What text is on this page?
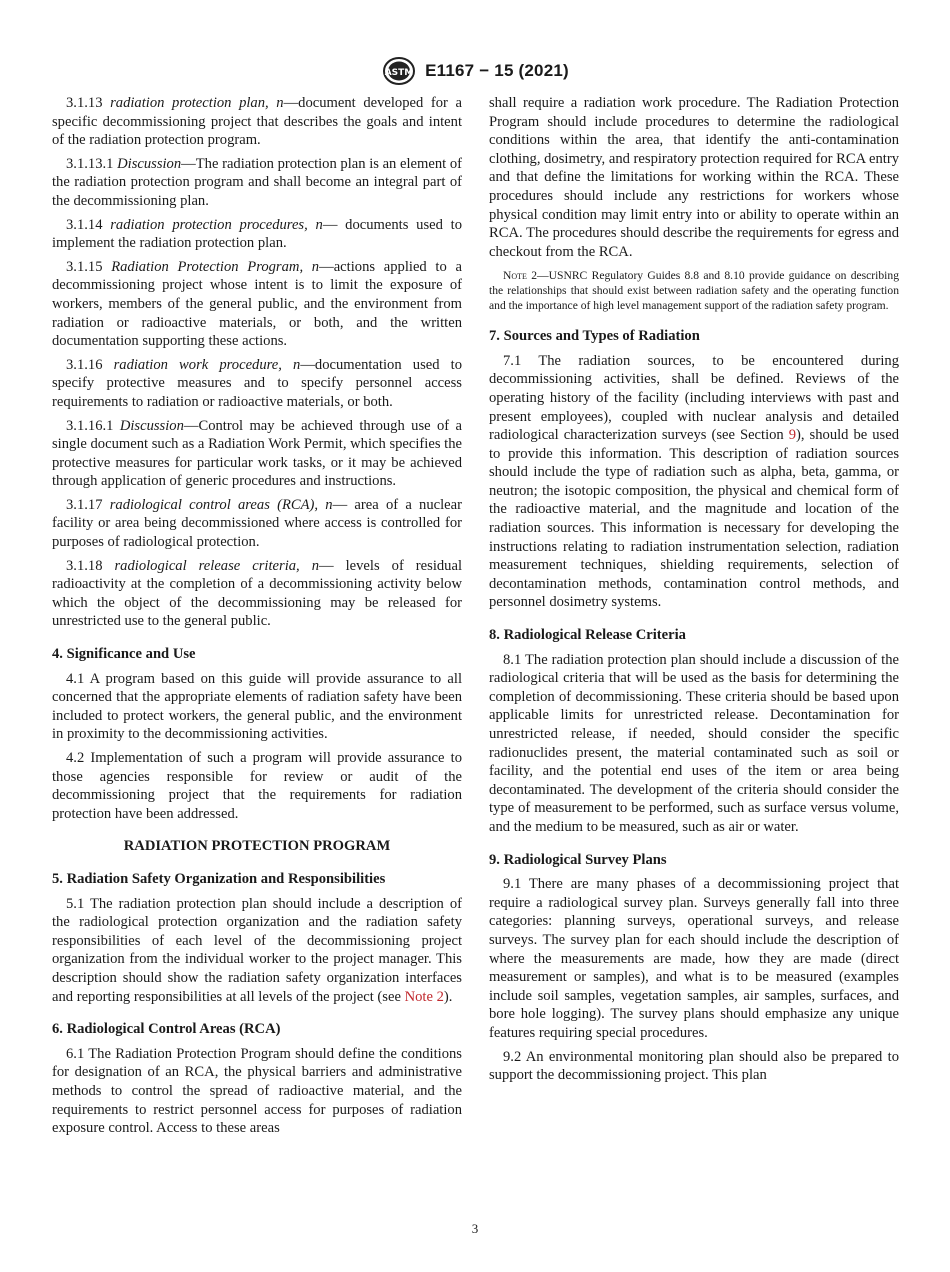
ASTM E1167 − 15 (2021)

3.1.13 radiation protection plan, n—document developed for a specific decommissioning project that describes the goals and intent of the radiation protection program.

3.1.13.1 Discussion—The radiation protection plan is an element of the radiation protection program and shall become an integral part of the decommissioning plan.

3.1.14 radiation protection procedures, n— documents used to implement the radiation protection plan.

3.1.15 Radiation Protection Program, n—actions applied to a decommissioning project whose intent is to limit the exposure of workers, members of the general public, and the environment from radiation or radioactive materials, or both, and the written documentation supporting these actions.

3.1.16 radiation work procedure, n—documentation used to specify protective measures and to specify personnel access requirements to radiation or radioactive materials, or both.

3.1.16.1 Discussion—Control may be achieved through use of a single document such as a Radiation Work Permit, which specifies the protective measures for particular work tasks, or it may be achieved through application of generic procedures and instructions.

3.1.17 radiological control areas (RCA), n— area of a nuclear facility or area being decommissioned where access is controlled for purposes of radiological protection.

3.1.18 radiological release criteria, n— levels of residual radioactivity at the completion of a decommissioning activity below which the object of the decommissioning may be released for unrestricted use to the general public.

4. Significance and Use

4.1 A program based on this guide will provide assurance to all concerned that the appropriate elements of radiation safety have been included to protect workers, the general public, and the environment in proximity to the decommissioning activities.

4.2 Implementation of such a program will provide assurance to those agencies responsible for review or audit of the decommissioning project that the requirements for radiation protection have been addressed.

RADIATION PROTECTION PROGRAM
5. Radiation Safety Organization and Responsibilities

5.1 The radiation protection plan should include a description of the radiological protection organization and the radiation safety responsibilities of each level of the decommissioning project organization from the individual worker to the project manager. This description should show the radiation safety organization interfaces and reporting responsibilities at all levels of the project (see Note 2).

6. Radiological Control Areas (RCA)

6.1 The Radiation Protection Program should define the conditions for designation of an RCA, the physical barriers and administrative methods to control the spread of radioactive material, and the requirements to restrict personnel access for purposes of radiation exposure control. Access to these areas

shall require a radiation work procedure. The Radiation Protection Program should include procedures to determine the radiological conditions within the area, that identify the anti-contamination clothing, dosimetry, and respiratory protection required for RCA entry and that define the limitations for working within the RCA. These procedures should include any restrictions for workers whose physical condition may limit entry into or ability to operate within an RCA. The procedures should describe the requirements for egress and checkout from the RCA.

Note 2—USNRC Regulatory Guides 8.8 and 8.10 provide guidance on describing the relationships that should exist between radiation safety and the operating function and the importance of high level management support of the radiation safety program.

7. Sources and Types of Radiation

7.1 The radiation sources, to be encountered during decommissioning activities, shall be defined. Reviews of the operating history of the facility (including interviews with past and present employees), coupled with nuclear analysis and detailed radiological characterization surveys (see Section 9), should be used to provide this information. This description of radiation sources should include the type of radiation such as alpha, beta, gamma, or neutron; the isotopic composition, the physical and chemical form of the radioactive material, and the magnitude and location of the radiation sources. This information is necessary for developing the instructions relating to radiation instrumentation selection, radiation measurement techniques, shielding requirements, selection of decontamination methods, contamination control methods, and personnel dosimetry systems.

8. Radiological Release Criteria

8.1 The radiation protection plan should include a discussion of the radiological criteria that will be used as the basis for determining the completion of decommissioning. These criteria should be based upon applicable limits for unrestricted release. Decontamination for unrestricted release, if needed, should consider the specific radionuclides present, the material contaminated such as soil or facility, and the potential end uses of the item or area being decontaminated. The development of the criteria should consider the type of measurement to be performed, such as surface versus volume, and the medium to be measured, such as air or water.

9. Radiological Survey Plans

9.1 There are many phases of a decommissioning project that require a radiological survey plan. Surveys generally fall into three categories: planning surveys, operational surveys, and release surveys. The survey plan for each should include the description of where the measurements are made, how they are made (direct measurement or samples), and what is to be measured (examples include soil samples, vegetation samples, air samples, surfaces, and bore hole logging). The survey plans should emphasize any unique features requiring special procedures.

9.2 An environmental monitoring plan should also be prepared to support the decommissioning project. This plan

3
